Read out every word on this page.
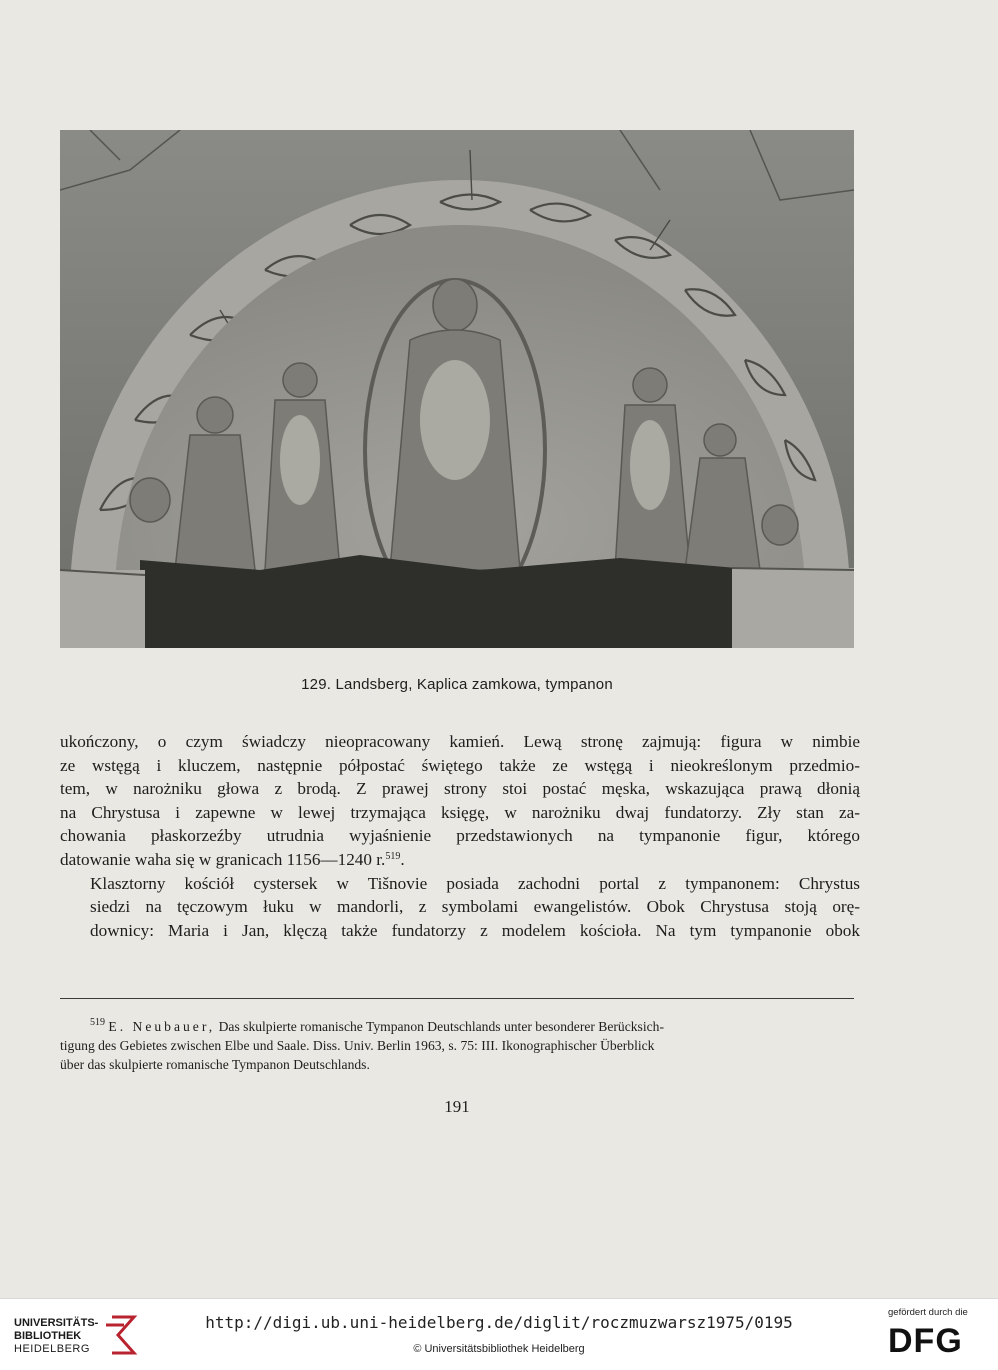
129. Landsberg, Kaplica zamkowa, tympanon

ukończony, o czym świadczy nieopracowany kamień. Lewą stronę zajmują: figura w nimbie
ze wstęgą i kluczem, następnie półpostać świętego także ze wstęgą i nieokreślonym przedmio-
tem, w narożniku głowa z brodą. Z prawej strony stoi postać męska, wskazująca prawą dłonią
na Chrystusa i zapewne w lewej trzymająca księgę, w narożniku dwaj fundatorzy. Zły stan za-
chowania płaskorzeźby utrudnia wyjaśnienie przedstawionych na tympanonie figur, którego
datowanie waha się w granicach 1156—1240 r.$^{519}$.

Klasztorny kościół cystersek w Tišnovie posiada zachodni portal z tympanonem: Chrystus
siedzi na tęczowym łuku w mandorli, z symbolami ewangelistów. Obok Chrystusa stoją orę-
downicy: Maria i Jan, klęczą także fundatorzy z modelem kościoła. Na tym tympanonie obok

$^{519}$ E. Neubauer, Das skulpierte romanische Tympanon Deutschlands unter besonderer Berücksich-
tigung des Gebietes zwischen Elbe und Saale. Diss. Univ. Berlin 1963, s. 75: III. Ikonographischer Überblick
über das skulpierte romanische Tympanon Deutschlands.
191
UNIVERSITÄTS-
BIBLIOTHEK
HEIDELBERG
http://digi.ub.uni-heidelberg.de/diglit/roczmuzwarsz1975/0195
© Universitätsbibliothek Heidelberg
gefördert durch die
DFG
